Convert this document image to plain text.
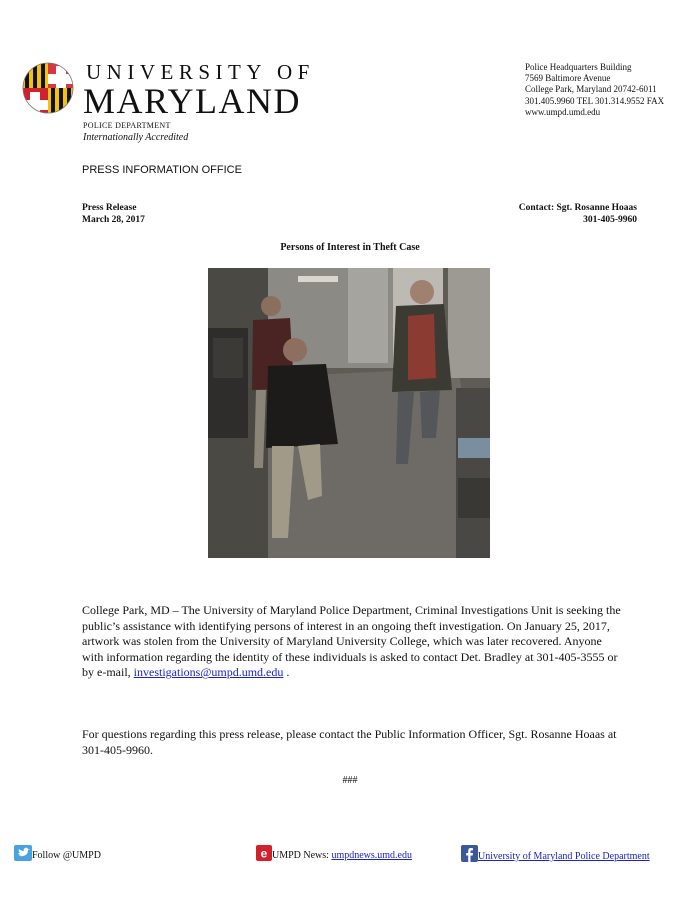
UNIVERSITY OF
MARYLAND
POLICE DEPARTMENT
Internationally Accredited
Police Headquarters Building
7569 Baltimore Avenue
College Park, Maryland 20742-6011
301.405.9960 TEL 301.314.9552 FAX
www.umpd.umd.edu
PRESS INFORMATION OFFICE
Press Release
March 28, 2017
Contact: Sgt. Rosanne Hoaas
301-405-9960
Persons of Interest in Theft Case
College Park, MD – The University of Maryland Police Department, Criminal Investigations Unit is seeking the public’s assistance with identifying persons of interest in an ongoing theft investigation. On January 25, 2017, artwork was stolen from the University of Maryland University College, which was later recovered. Anyone with information regarding the identity of these individuals is asked to contact Det. Bradley at 301-405-3555 or by e-mail, investigations@umpd.umd.edu .
For questions regarding this press release, please contact the Public Information Officer, Sgt. Rosanne Hoaas at 301-405-9960.
###
Follow @UMPD	e UMPD News: umpdnews.umd.edu	University of Maryland Police Department
